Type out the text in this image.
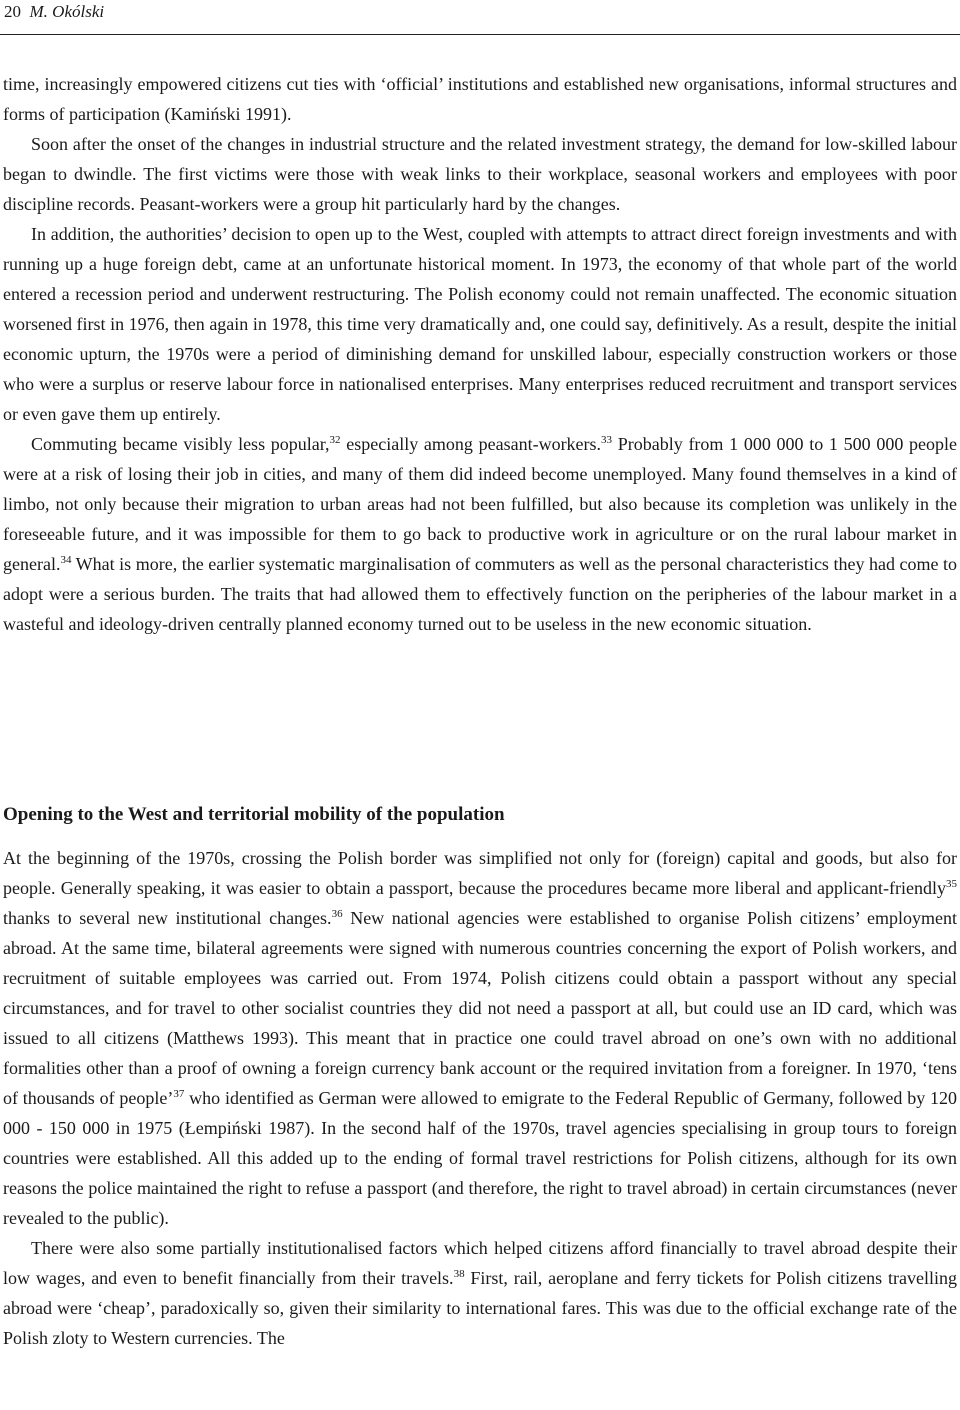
20 M. Okólski

time, increasingly empowered citizens cut ties with ‘official’ institutions and established new organisations, informal structures and forms of participation (Kamiński 1991).

Soon after the onset of the changes in industrial structure and the related investment strategy, the demand for low-skilled labour began to dwindle. The first victims were those with weak links to their workplace, seasonal workers and employees with poor discipline records. Peasant-workers were a group hit particularly hard by the changes.

In addition, the authorities’ decision to open up to the West, coupled with attempts to attract direct foreign investments and with running up a huge foreign debt, came at an unfortunate historical moment. In 1973, the economy of that whole part of the world entered a recession period and underwent restructuring. The Polish economy could not remain unaffected. The economic situation worsened first in 1976, then again in 1978, this time very dramatically and, one could say, definitively. As a result, despite the initial economic upturn, the 1970s were a period of diminishing demand for unskilled labour, especially construction workers or those who were a surplus or reserve labour force in nationalised enterprises. Many enterprises reduced recruitment and transport services or even gave them up entirely.

Commuting became visibly less popular,$^{32}$ especially among peasant-workers.$^{33}$ Probably from 1 000 000 to 1 500 000 people were at a risk of losing their job in cities, and many of them did indeed become unemployed. Many found themselves in a kind of limbo, not only because their migration to urban areas had not been fulfilled, but also because its completion was unlikely in the foreseeable future, and it was impossible for them to go back to productive work in agriculture or on the rural labour market in general.$^{34}$ What is more, the earlier systematic marginalisation of commuters as well as the personal characteristics they had come to adopt were a serious burden. The traits that had allowed them to effectively function on the peripheries of the labour market in a wasteful and ideology-driven centrally planned economy turned out to be useless in the new economic situation.

Opening to the West and territorial mobility of the population

At the beginning of the 1970s, crossing the Polish border was simplified not only for (foreign) capital and goods, but also for people. Generally speaking, it was easier to obtain a passport, because the procedures became more liberal and applicant-friendly$^{35}$ thanks to several new institutional changes.$^{36}$ New national agencies were established to organise Polish citizens’ employment abroad. At the same time, bilateral agreements were signed with numerous countries concerning the export of Polish workers, and recruitment of suitable employees was carried out. From 1974, Polish citizens could obtain a passport without any special circumstances, and for travel to other socialist countries they did not need a passport at all, but could use an ID card, which was issued to all citizens (Matthews 1993). This meant that in practice one could travel abroad on one’s own with no additional formalities other than a proof of owning a foreign currency bank account or the required invitation from a foreigner. In 1970, ‘tens of thousands of people’$^{37}$ who identified as German were allowed to emigrate to the Federal Republic of Germany, followed by 120 000 - 150 000 in 1975 (Łempiński 1987). In the second half of the 1970s, travel agencies specialising in group tours to foreign countries were established. All this added up to the ending of formal travel restrictions for Polish citizens, although for its own reasons the police maintained the right to refuse a passport (and therefore, the right to travel abroad) in certain circumstances (never revealed to the public).

There were also some partially institutionalised factors which helped citizens afford financially to travel abroad despite their low wages, and even to benefit financially from their travels.$^{38}$ First, rail, aeroplane and ferry tickets for Polish citizens travelling abroad were ‘cheap’, paradoxically so, given their similarity to international fares. This was due to the official exchange rate of the Polish zloty to Western currencies. The
